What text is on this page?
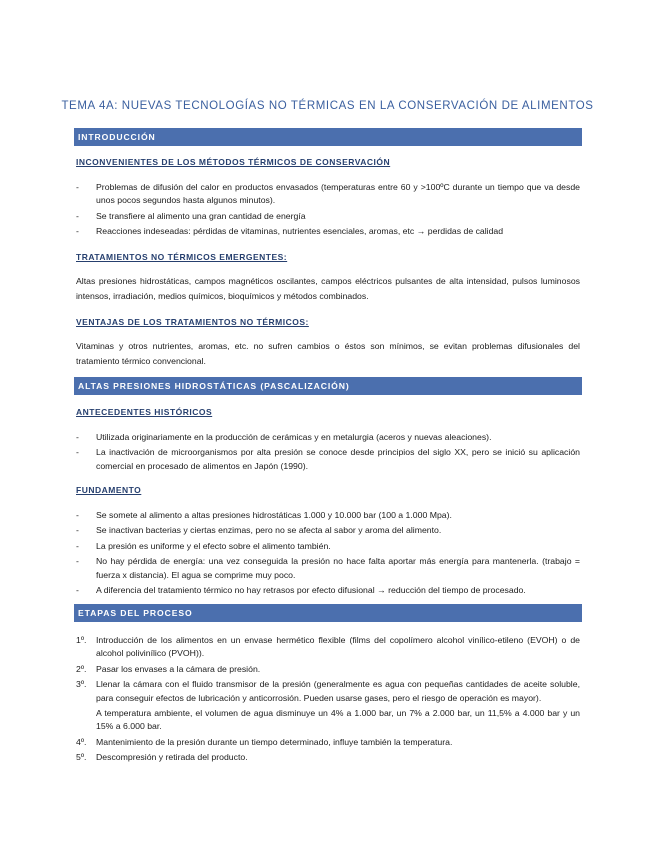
TEMA 4A: NUEVAS TECNOLOGÍAS NO TÉRMICAS EN LA CONSERVACIÓN DE ALIMENTOS
INTRODUCCIÓN
INCONVENIENTES DE LOS MÉTODOS TÉRMICOS DE CONSERVACIÓN
- Problemas de difusión del calor en productos envasados (temperaturas entre 60 y >100ºC durante un tiempo que va desde unos pocos segundos hasta algunos minutos).
- Se transfiere al alimento una gran cantidad de energía
- Reacciones indeseadas: pérdidas de vitaminas, nutrientes esenciales, aromas, etc → perdidas de calidad
TRATAMIENTOS NO TÉRMICOS EMERGENTES:

Altas presiones hidrostáticas, campos magnéticos oscilantes, campos eléctricos pulsantes de alta intensidad, pulsos luminosos intensos, irradiación, medios químicos, bioquímicos y métodos combinados.

VENTAJAS DE LOS TRATAMIENTOS NO TÉRMICOS:

Vitaminas y otros nutrientes, aromas, etc. no sufren cambios o éstos son mínimos, se evitan problemas difusionales del tratamiento térmico convencional.

ALTAS PRESIONES HIDROSTÁTICAS (PASCALIZACIÓN)
ANTECEDENTES HISTÓRICOS
- Utilizada originariamente en la producción de cerámicas y en metalurgia (aceros y nuevas aleaciones).
- La inactivación de microorganismos por alta presión se conoce desde principios del siglo XX, pero se inició su aplicación comercial en procesado de alimentos en Japón (1990).
FUNDAMENTO
- Se somete al alimento a altas presiones hidrostáticas 1.000 y 10.000 bar (100 a 1.000 Mpa).
- Se inactivan bacterias y ciertas enzimas, pero no se afecta al sabor y aroma del alimento.
- La presión es uniforme y el efecto sobre el alimento también.
- No hay pérdida de energía: una vez conseguida la presión no hace falta aportar más energía para mantenerla. (trabajo = fuerza x distancia). El agua se comprime muy poco.
- A diferencia del tratamiento térmico no hay retrasos por efecto difusional → reducción del tiempo de procesado.
ETAPAS DEL PROCESO
1º. Introducción de los alimentos en un envase hermético flexible (films del copolímero alcohol vinílico-etileno (EVOH) o de alcohol polivinílico (PVOH)).
2º. Pasar los envases a la cámara de presión.
3º. Llenar la cámara con el fluido transmisor de la presión (generalmente es agua con pequeñas cantidades de aceite soluble, para conseguir efectos de lubricación y anticorrosión. Pueden usarse gases, pero el riesgo de operación es mayor).
A temperatura ambiente, el volumen de agua disminuye un 4% a 1.000 bar, un 7% a 2.000 bar, un 11,5% a 4.000 bar y un 15% a 6.000 bar.
4º. Mantenimiento de la presión durante un tiempo determinado, influye también la temperatura.
5º. Descompresión y retirada del producto.
